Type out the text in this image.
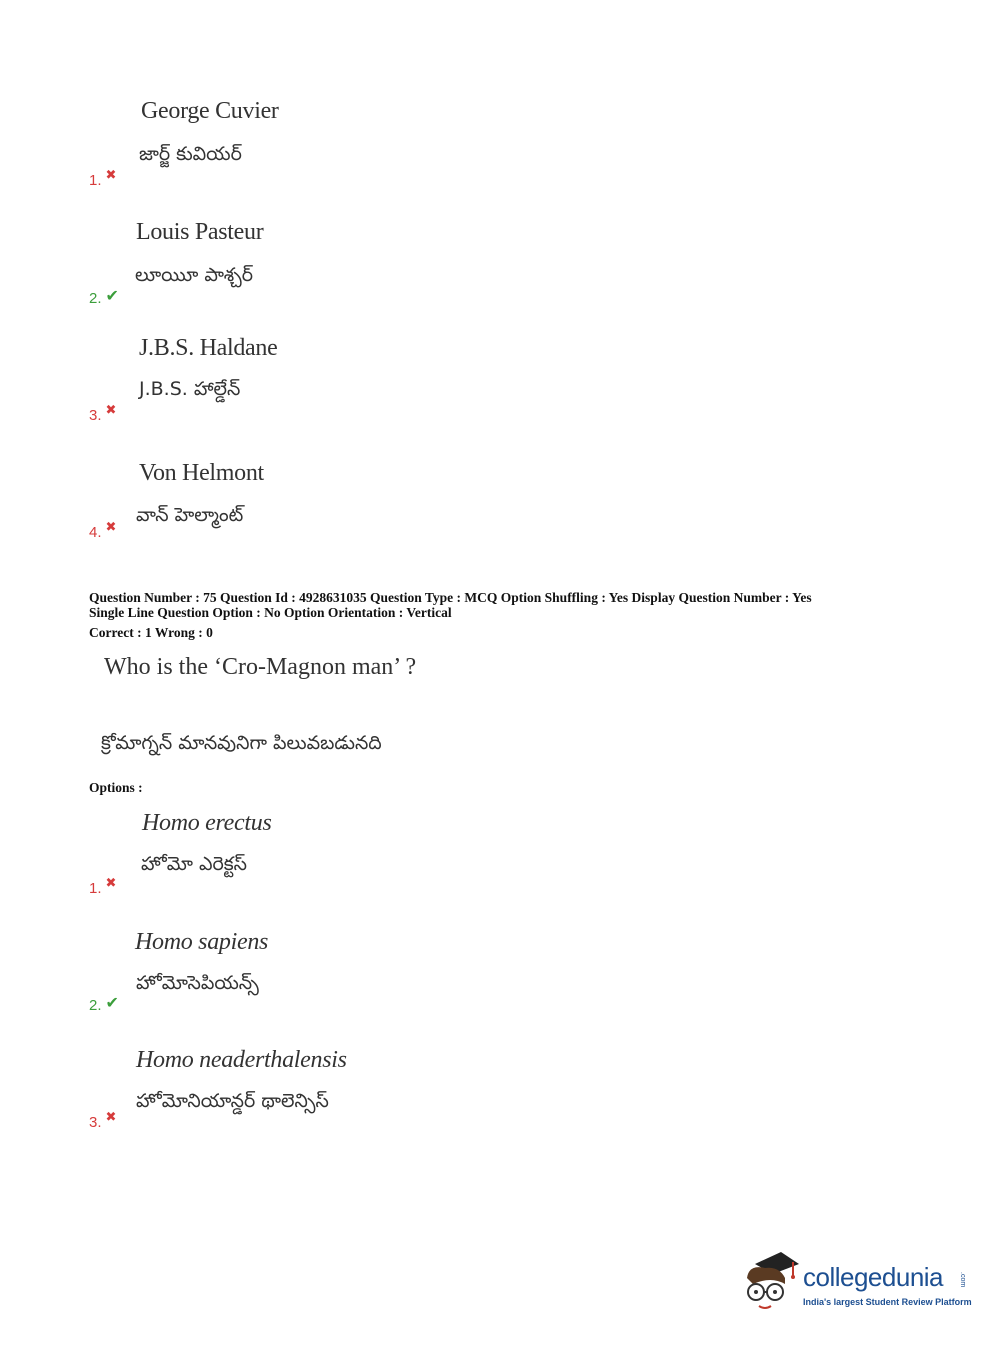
George Cuvier
జార్జ్ కువియర్
1. ✖
Louis Pasteur
లూయిూ పాశ్చర్
2. ✔
J.B.S. Haldane
J.B.S. హాల్డేన్
3. ✖
Von Helmont
వాన్ హెల్మాంట్
4. ✖
Question Number : 75 Question Id : 4928631035 Question Type : MCQ Option Shuffling : Yes Display Question Number : Yes
Single Line Question Option : No Option Orientation : Vertical
Correct : 1 Wrong : 0
Who is the ‘Cro-Magnon man’ ?
క్రోమాగ్నన్ మానవునిగా పిలువబడునది
Options :
Homo erectus
హోమో ఎరెక్టస్
1. ✖
Homo sapiens
హోమోసెపియన్స్
2. ✔
Homo neaderthalensis
హోమోనియాన్డర్ థాలెన్సిస్
3. ✖
collegedunia .com
India's largest Student Review Platform
